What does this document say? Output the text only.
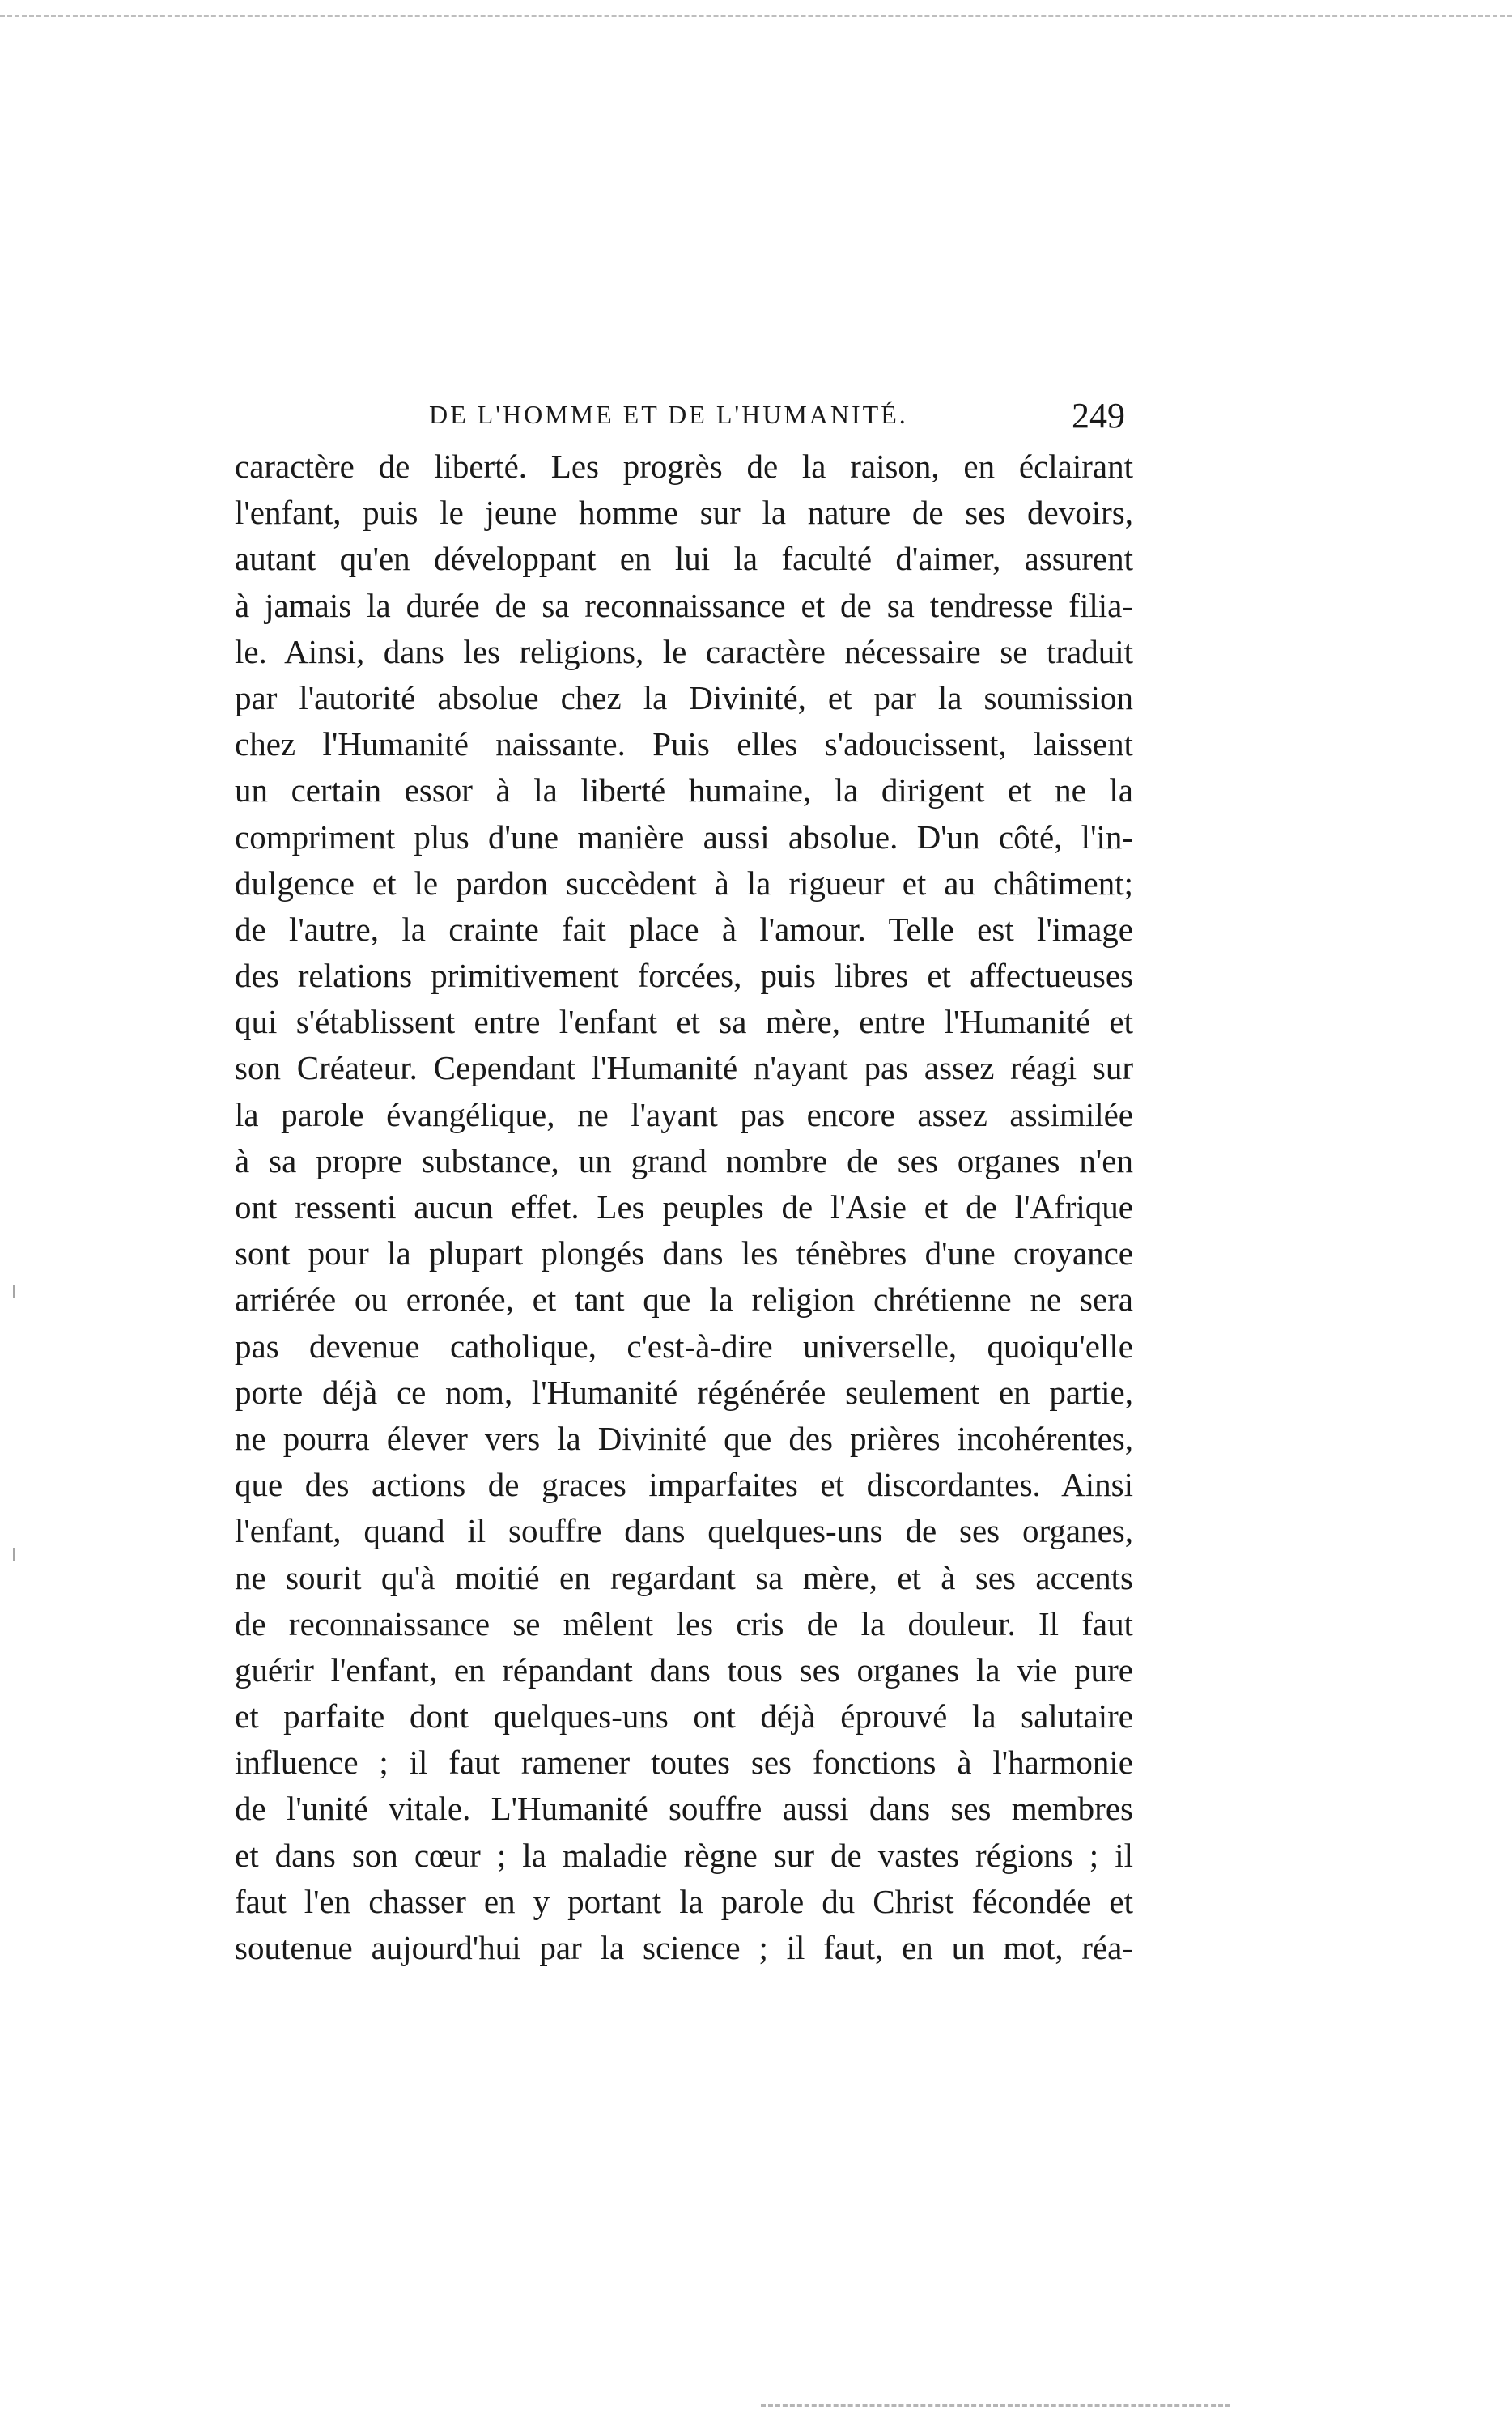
DE L'HOMME ET DE L'HUMANITÉ.	249
caractère de liberté. Les progrès de la raison, en éclairant
l'enfant, puis le jeune homme sur la nature de ses devoirs,
autant qu'en développant en lui la faculté d'aimer, assurent
à jamais la durée de sa reconnaissance et de sa tendresse filia-
le. Ainsi, dans les religions, le caractère nécessaire se traduit
par l'autorité absolue chez la Divinité, et par la soumission
chez l'Humanité naissante. Puis elles s'adoucissent, laissent
un certain essor à la liberté humaine, la dirigent et ne la
compriment plus d'une manière aussi absolue. D'un côté, l'in-
dulgence et le pardon succèdent à la rigueur et au châtiment;
de l'autre, la crainte fait place à l'amour. Telle est l'image
des relations primitivement forcées, puis libres et affectueuses
qui s'établissent entre l'enfant et sa mère, entre l'Humanité et
son Créateur. Cependant l'Humanité n'ayant pas assez réagi sur
la parole évangélique, ne l'ayant pas encore assez assimilée
à sa propre substance, un grand nombre de ses organes n'en
ont ressenti aucun effet. Les peuples de l'Asie et de l'Afrique
sont pour la plupart plongés dans les ténèbres d'une croyance
arriérée ou erronée, et tant que la religion chrétienne ne sera
pas devenue catholique, c'est-à-dire universelle, quoiqu'elle
porte déjà ce nom, l'Humanité régénérée seulement en partie,
ne pourra élever vers la Divinité que des prières incohérentes,
que des actions de graces imparfaites et discordantes. Ainsi
l'enfant, quand il souffre dans quelques-uns de ses organes,
ne sourit qu'à moitié en regardant sa mère, et à ses accents
de reconnaissance se mêlent les cris de la douleur. Il faut
guérir l'enfant, en répandant dans tous ses organes la vie pure
et parfaite dont quelques-uns ont déjà éprouvé la salutaire
influence ; il faut ramener toutes ses fonctions à l'harmonie
de l'unité vitale. L'Humanité souffre aussi dans ses membres
et dans son cœur ; la maladie règne sur de vastes régions ; il
faut l'en chasser en y portant la parole du Christ fécondée et
soutenue aujourd'hui par la science ; il faut, en un mot, réa-
